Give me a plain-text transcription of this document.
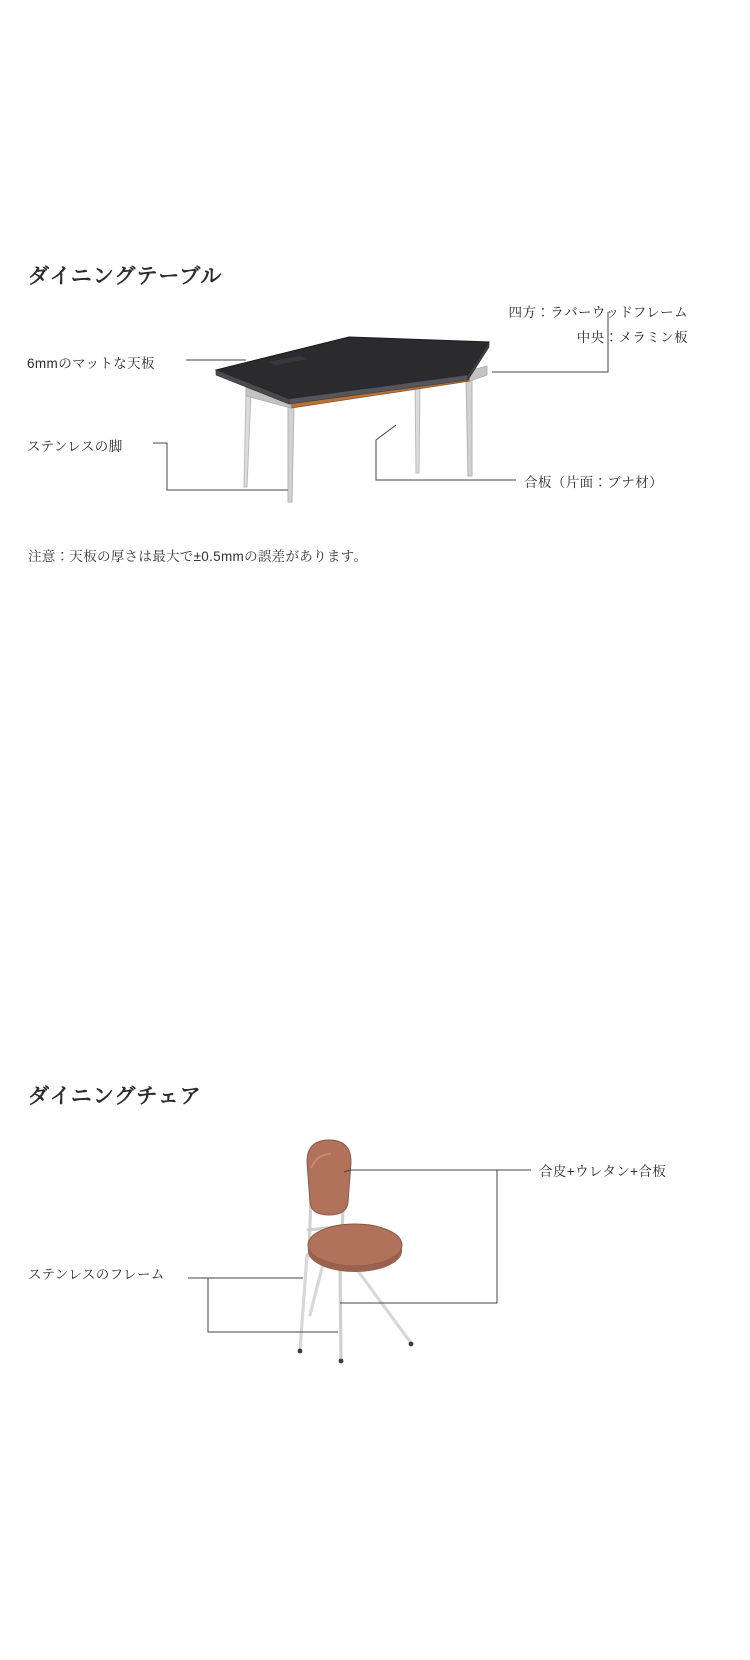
ダイニングテーブル
6mmのマットな天板
四方：ラバーウッドフレーム
中央：メラミン板
ステンレスの脚
合板（片面：ブナ材）
注意：天板の厚さは最大で±0.5mmの誤差があります。
ダイニングチェア
合皮+ウレタン+合板
ステンレスのフレーム
